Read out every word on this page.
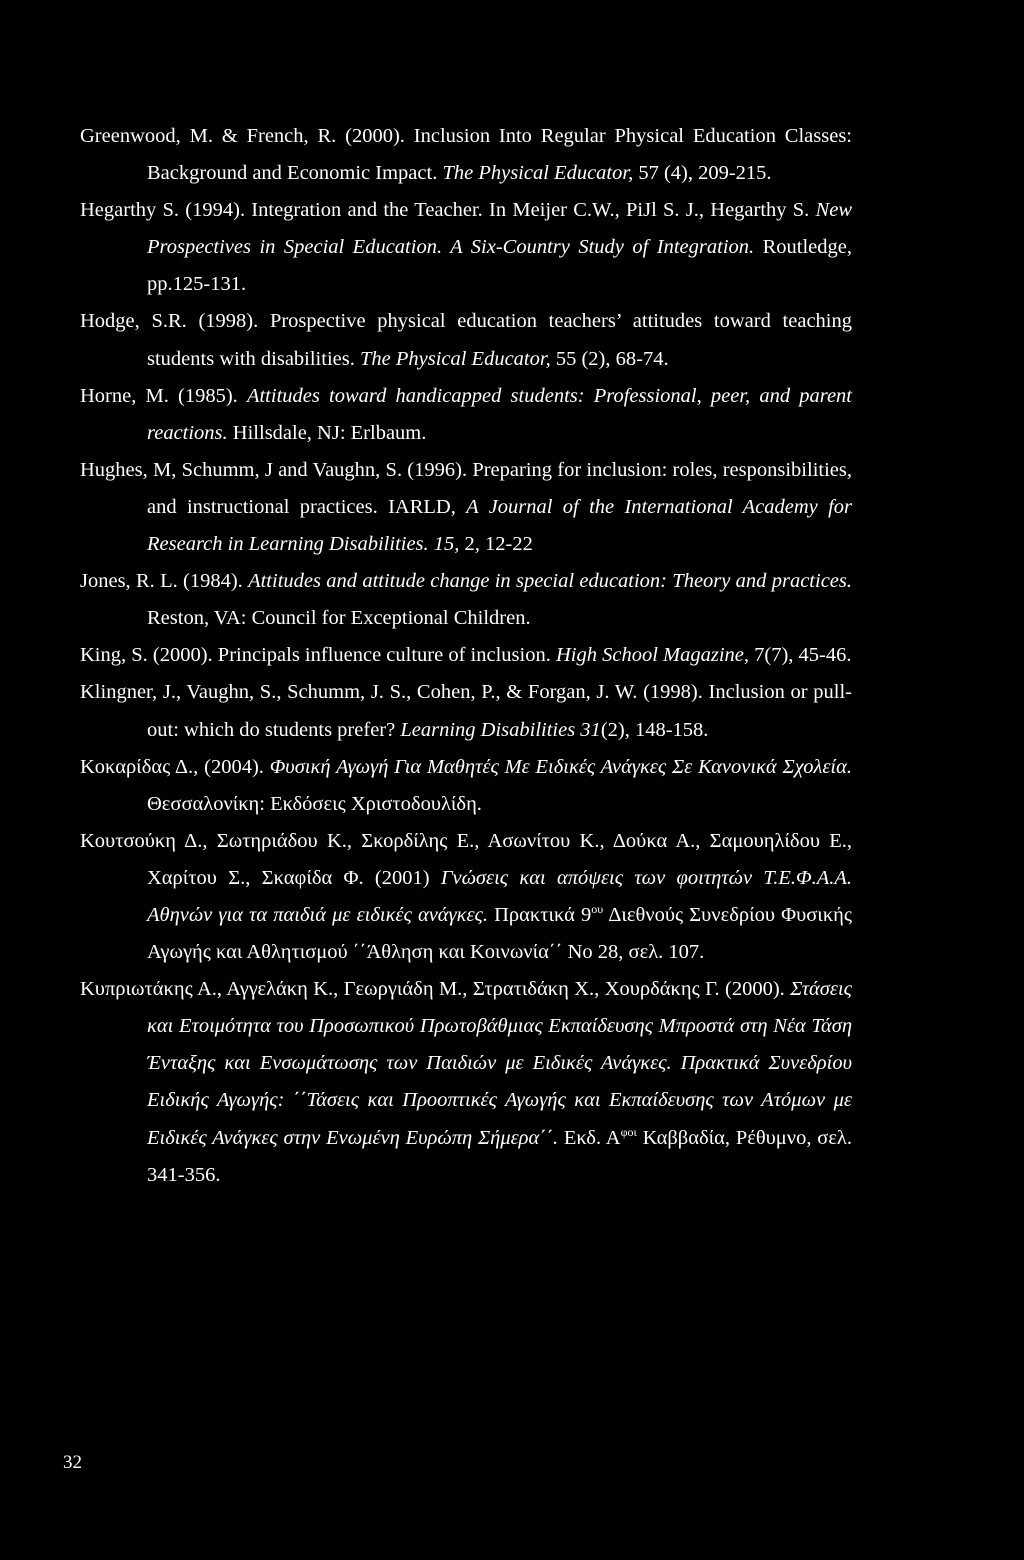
Greenwood, M. & French, R. (2000). Inclusion Into Regular Physical Education Classes: Background and Economic Impact. The Physical Educator, 57 (4), 209-215.
Hegarthy S. (1994). Integration and the Teacher. In Meijer C.W., PiJl S. J., Hegarthy S. New Prospectives in Special Education. A Six-Country Study of Integration. Routledge, pp.125-131.
Hodge, S.R. (1998). Prospective physical education teachers’ attitudes toward teaching students with disabilities. The Physical Educator, 55 (2), 68-74.
Horne, M. (1985). Attitudes toward handicapped students: Professional, peer, and parent reactions. Hillsdale, NJ: Erlbaum.
Hughes, M, Schumm, J and Vaughn, S. (1996). Preparing for inclusion: roles, responsibilities, and instructional practices. IARLD, A Journal of the International Academy for Research in Learning Disabilities. 15, 2, 12-22
Jones, R. L. (1984). Attitudes and attitude change in special education: Theory and practices. Reston, VA: Council for Exceptional Children.
King, S. (2000). Principals influence culture of inclusion. High School Magazine, 7(7), 45-46.
Klingner, J., Vaughn, S., Schumm, J. S., Cohen, P., & Forgan, J. W. (1998). Inclusion or pull-out: which do students prefer? Learning Disabilities 31(2), 148-158.
Κοκαρίδας Δ., (2004). Φυσική Αγωγή Για Μαθητές Με Ειδικές Ανάγκες Σε Κανονικά Σχολεία. Θεσσαλονίκη: Εκδόσεις Χριστοδουλίδη.
Κουτσούκη Δ., Σωτηριάδου Κ., Σκορδίλης Ε., Ασωνίτου Κ., Δούκα Α., Σαμουηλίδου Ε., Χαρίτου Σ., Σκαφίδα Φ. (2001) Γνώσεις και απόψεις των φοιτητών Τ.Ε.Φ.Α.Α. Αθηνών για τα παιδιά με ειδικές ανάγκες. Πρακτικά $9^{o\upsilon}$ Διεθνούς Συνεδρίου Φυσικής Αγωγής και Αθλητισμού ΄΄Άθληση και Κοινωνία΄΄ Νο 28, σελ. 107.
Κυπριωτάκης Α., Αγγελάκη Κ., Γεωργιάδη Μ., Στρατιδάκη Χ., Χουρδάκης Γ. (2000). Στάσεις και Ετοιμότητα του Προσωπικού Πρωτοβάθμιας Εκπαίδευσης Μπροστά στη Νέα Τάση Ένταξης και Ενσωμάτωσης των Παιδιών με Ειδικές Ανάγκες. Πρακτικά Συνεδρίου Ειδικής Αγωγής: ΄΄Τάσεις και Προοπτικές Αγωγής και Εκπαίδευσης των Ατόμων με Ειδικές Ανάγκες στην Ενωμένη Ευρώπη Σήμερα΄΄. Εκδ. $A^{\varphi o\iota}$ Καββαδία, Ρέθυμνο, σελ. 341-356.
32
